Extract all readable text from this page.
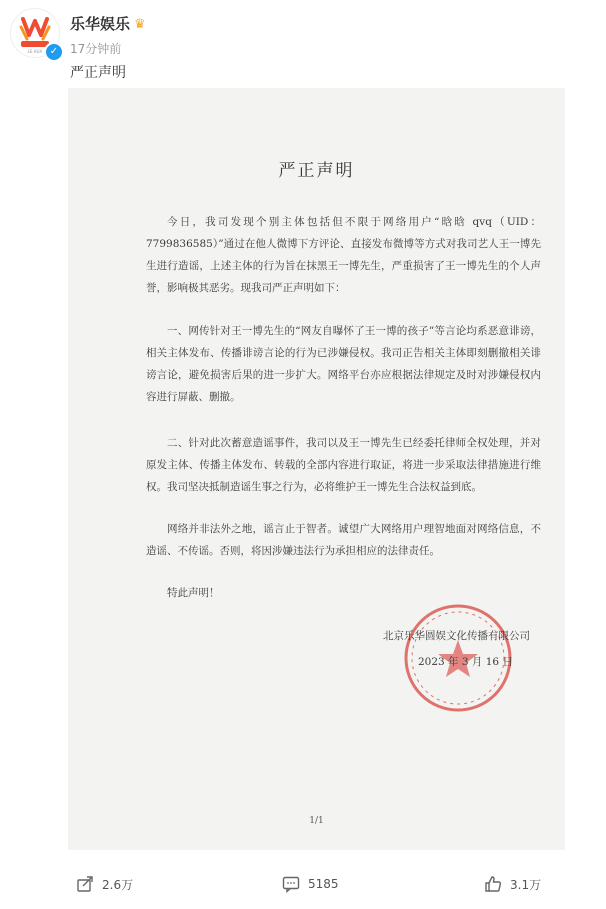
LE HUA ✓
乐华娱乐 ♛
17分钟前
严正声明
严正声明
今日，我司发现个别主体包括但不限于网络用户“晗晗 qvq（UID：7799836585）”通过在他人微博下方评论、直接发布微博等方式对我司艺人王一博先生进行造谣，上述主体的行为旨在抹黑王一博先生，严重损害了王一博先生的个人声誉，影响极其恶劣。现我司严正声明如下：
一、网传针对王一博先生的“网友自曝怀了王一博的孩子”等言论均系恶意诽谤，相关主体发布、传播诽谤言论的行为已涉嫌侵权。我司正告相关主体即刻删撤相关诽谤言论，避免损害后果的进一步扩大。网络平台亦应根据法律规定及时对涉嫌侵权内容进行屏蔽、删撤。
二、针对此次蓄意造谣事件，我司以及王一博先生已经委托律师全权处理，并对原发主体、传播主体发布、转载的全部内容进行取证，将进一步采取法律措施进行维权。我司坚决抵制造谣生事之行为，必将维护王一博先生合法权益到底。
网络并非法外之地，谣言止于智者。诚望广大网络用户理智地面对网络信息，不造谣、不传谣。否则，将因涉嫌违法行为承担相应的法律责任。
特此声明！
北京乐华圆娱文化传播有限公司
2023 年 3 月 16 日
1/1
2.6万	5185	3.1万
